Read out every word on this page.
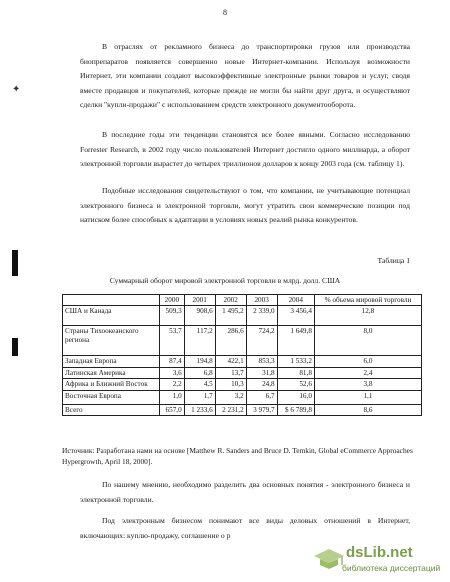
8
✦

В отраслях от рекламного бизнеса до транспортировки грузов или производства биопрепаратов появляется совершенно новые Интернет-компании. Используя возможности Интернет, эти компании создают высокоэффективные электронные рынки товаров и услуг, сводя вместе продавцов и покупателей, которые прежде не могли бы найти друг друга, и осуществляют сделки "купли-продажи" с использованием средств электронного документооборота.

В последние годы эти тенденции становятся все более явными. Согласно исследованию Forrester Research, в 2002 году число пользователей Интернет достигло одного миллиарда, а оборот электронной торговли вырастет до четырех триллионов долларов к концу 2003 года (см. таблицу 1).

Подобные исследования свидетельствуют о том, что компании, не учитывающие потенциал электронного бизнеса и электронной торговли, могут утратить свои коммерческие позиции под натиском более способных к адаптации в условиях новых реалий рынка конкурентов.

Таблица 1
Суммарный оборот мировой электронной торговли в млрд. долл. США
	2000	2001	2002	2003	2004	% объема мировой торговли
США и Канада	509,3	908,6	1 495,2	2 339,0	3 456,4	12,8
Страны Тихоокеанского региона	53,7	117,2	286,6	724,2	1 649,8	8,0
Западная Европа	87,4	194,8	422,1	853,3	1 533,2	6,0
Латинская Америка	3,6	6,8	13,7	31,8	81,8	2,4
Африка и Ближний Восток	2,2	4,5	10,3	24,8	52,6	3,8
Восточная Европа	1,0	1,7	3,2	6,7	16,0	1,1
Всего	657,0	1 233,6	2 231,2	3 979,7	$ 6 789,8	8,6
Источник: Разработана нами на основе [Matthew R. Sanders and Bruce D. Temkin, Global eCommerce Approaches Hypergrowth, April 18, 2000].

По нашему мнению, необходимо разделить два основных понятия - электронного бизнеса и электронной торговли.

Под электронным бизнесом понимают все виды деловых отношений в Интернет, включающих: куплю-продажу, соглашение о р

dsLib.net
библиотека диссертаций
